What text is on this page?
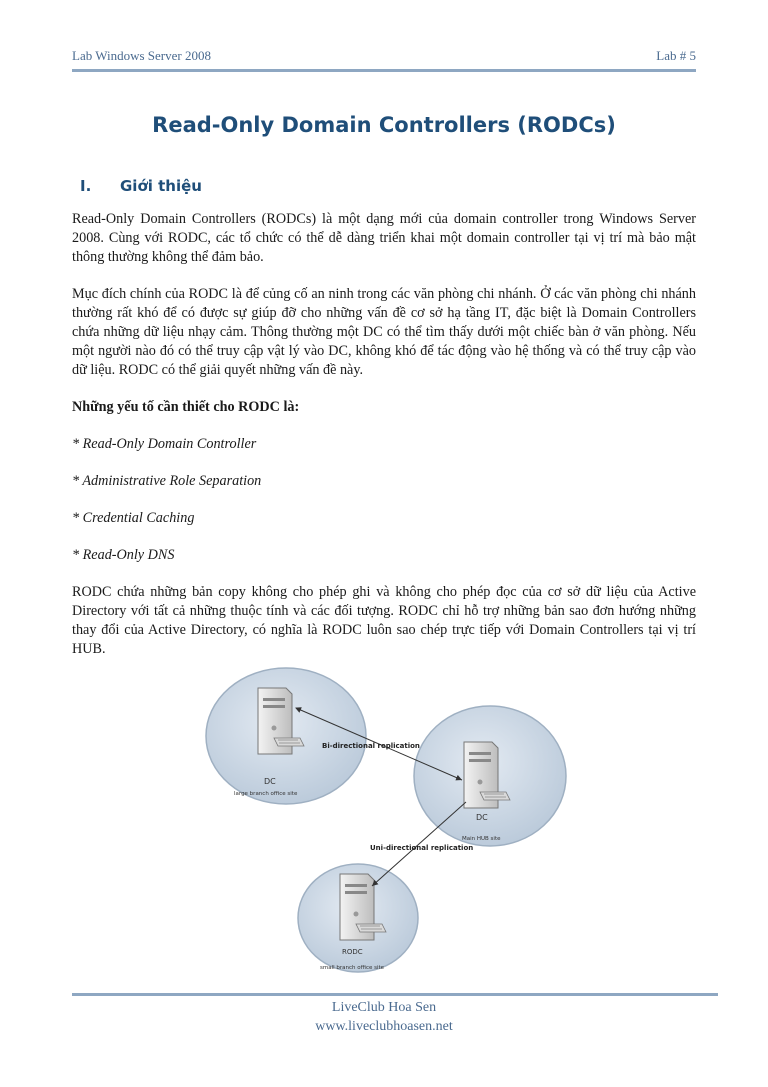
Lab Windows Server 2008	Lab # 5
Read-Only Domain Controllers (RODCs)
I. Giới thiệu

Read-Only Domain Controllers (RODCs) là một dạng mới của domain controller trong Windows Server 2008. Cùng với RODC, các tổ chức có thể dễ dàng triển khai một domain controller tại vị trí mà bảo mật thông thường không thể đảm bảo.

Mục đích chính của RODC là để củng cố an ninh trong các văn phòng chi nhánh. Ở các văn phòng chi nhánh thường rất khó để có được sự giúp đỡ cho những vấn đề cơ sở hạ tầng IT, đặc biệt là Domain Controllers chứa những dữ liệu nhạy cảm. Thông thường một DC có thể tìm thấy dưới một chiếc bàn ở văn phòng. Nếu một người nào đó có thể truy cập vật lý vào DC, không khó để tác động vào hệ thống và có thể truy cập vào dữ liệu. RODC có thể giải quyết những vấn đề này.

Những yếu tố cần thiết cho RODC là:

* Read-Only Domain Controller

* Administrative Role Separation

* Credential Caching

* Read-Only DNS

RODC chứa những bản copy không cho phép ghi và không cho phép đọc của cơ sở dữ liệu của Active Directory với tất cả những thuộc tính và các đối tượng. RODC chỉ hỗ trợ những bản sao đơn hướng những thay đổi của Active Directory, có nghĩa là RODC luôn sao chép trực tiếp với Domain Controllers tại vị trí HUB.

DC
large branch office site
DC
Main HUB site
RODC
small branch office site
Bi-directional replication
Uni-directional replication
LiveClub Hoa Sen
www.liveclubhoasen.net
